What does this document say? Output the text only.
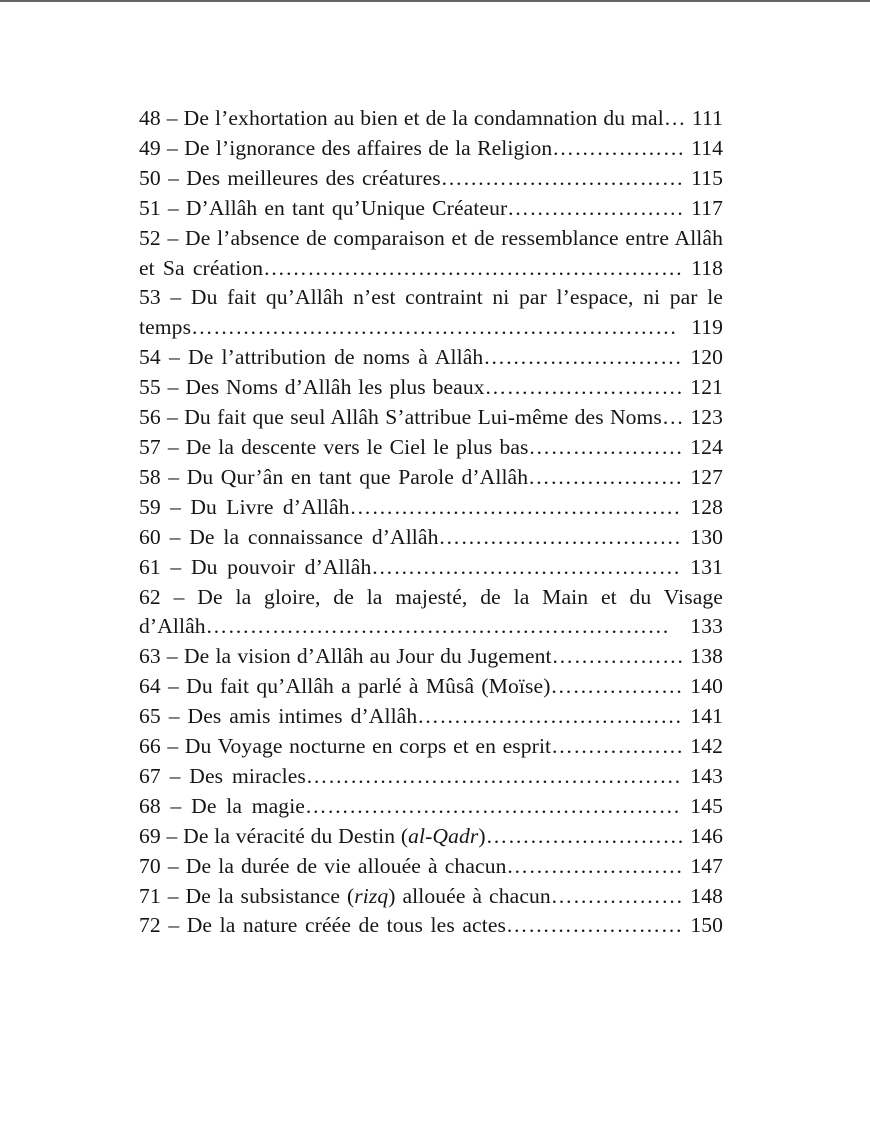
48 – De l’exhortation au bien et de la condamnation du mal… 111

49 – De l’ignorance des affaires de la Religion……………… 114

50 – Des meilleures des créatures…………………………… 115

51 – D’Allâh en tant qu’Unique Créateur…………………… 117

52 – De l’absence de comparaison et de ressemblance entre Allâh et Sa création………………………………………………… 118

53 – Du fait qu’Allâh n’est contraint ni par l’espace, ni par le temps………………………………………………………… 119

54 – De l’attribution de noms à Allâh……………………… 120

55 – Des Noms d’Allâh les plus beaux……………………… 121

56 – Du fait que seul Allâh S’attribue Lui-même des Noms… 123

57 – De la descente vers le Ciel le plus bas………………… 124

58 – Du Qur’ân en tant que Parole d’Allâh………………… 127

59 – Du Livre d’Allâh……………………………………… 128

60 – De la connaissance d’Allâh…………………………… 130

61 – Du pouvoir d’Allâh…………………………………… 131

62 – De la gloire, de la majesté, de la Main et du Visage d’Allâh……………………………………………………… 133

63 – De la vision d’Allâh au Jour du Jugement……………… 138

64 – Du fait qu’Allâh a parlé à Mûsâ (Moïse)……………… 140

65 – Des amis intimes d’Allâh……………………………… 141

66 – Du Voyage nocturne en corps et en esprit……………… 142

67 – Des miracles…………………………………………… 143

68 – De la magie…………………………………………… 145

69 – De la véracité du Destin (al-Qadr)……………………… 146

70 – De la durée de vie allouée à chacun…………………… 147

71 – De la subsistance (rizq) allouée à chacun……………… 148

72 – De la nature créée de tous les actes…………………… 150
